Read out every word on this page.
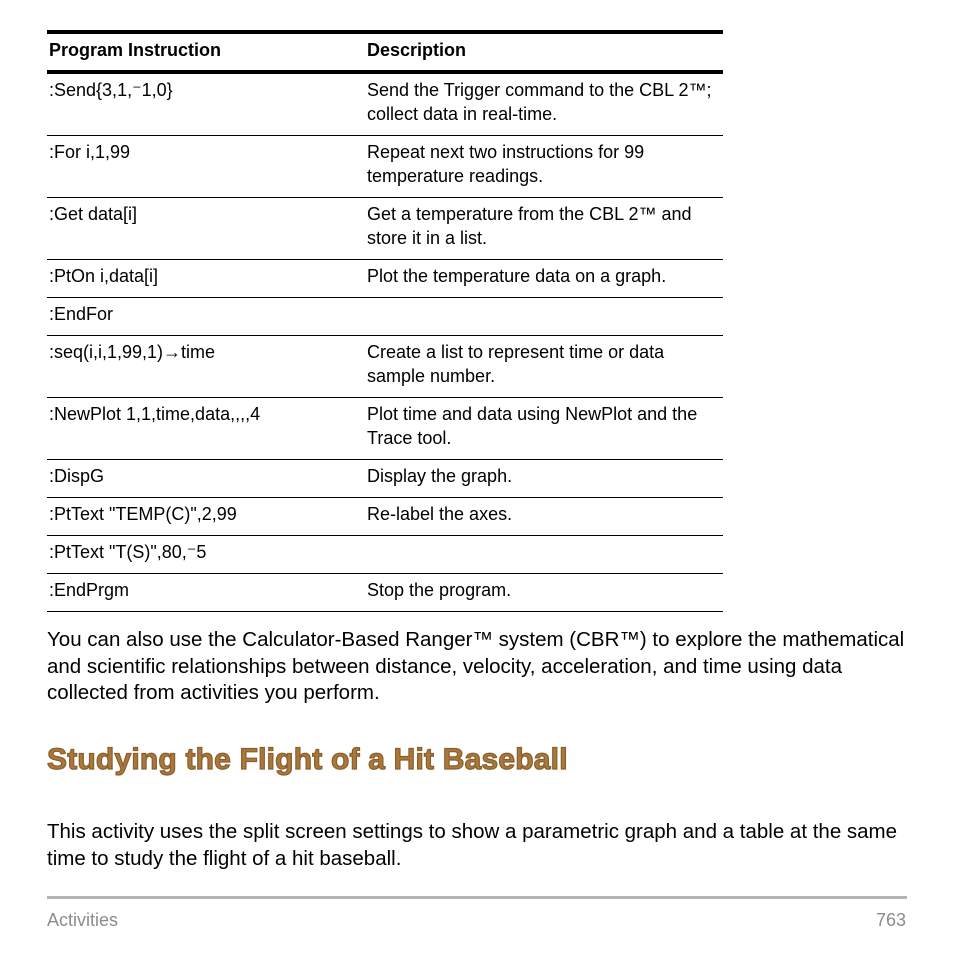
Program Instruction	Description
:Send{3,1,⁻1,0}	Send the Trigger command to the CBL 2™; collect data in real-time.
:For i,1,99	Repeat next two instructions for 99 temperature readings.
:Get data[i]	Get a temperature from the CBL 2™ and store it in a list.
:PtOn i,data[i]	Plot the temperature data on a graph.
:EndFor	
:seq(i,i,1,99,1)→time	Create a list to represent time or data sample number.
:NewPlot 1,1,time,data,,,,4	Plot time and data using NewPlot and the Trace tool.
:DispG	Display the graph.
:PtText "TEMP(C)",2,99	Re-label the axes.
:PtText "T(S)",80,⁻5	
:EndPrgm	Stop the program.

You can also use the Calculator-Based Ranger™ system (CBR™) to explore the mathematical and scientific relationships between distance, velocity, acceleration, and time using data collected from activities you perform.

Studying the Flight of a Hit Baseball

This activity uses the split screen settings to show a parametric graph and a table at the same time to study the flight of a hit baseball.

Activities	763
